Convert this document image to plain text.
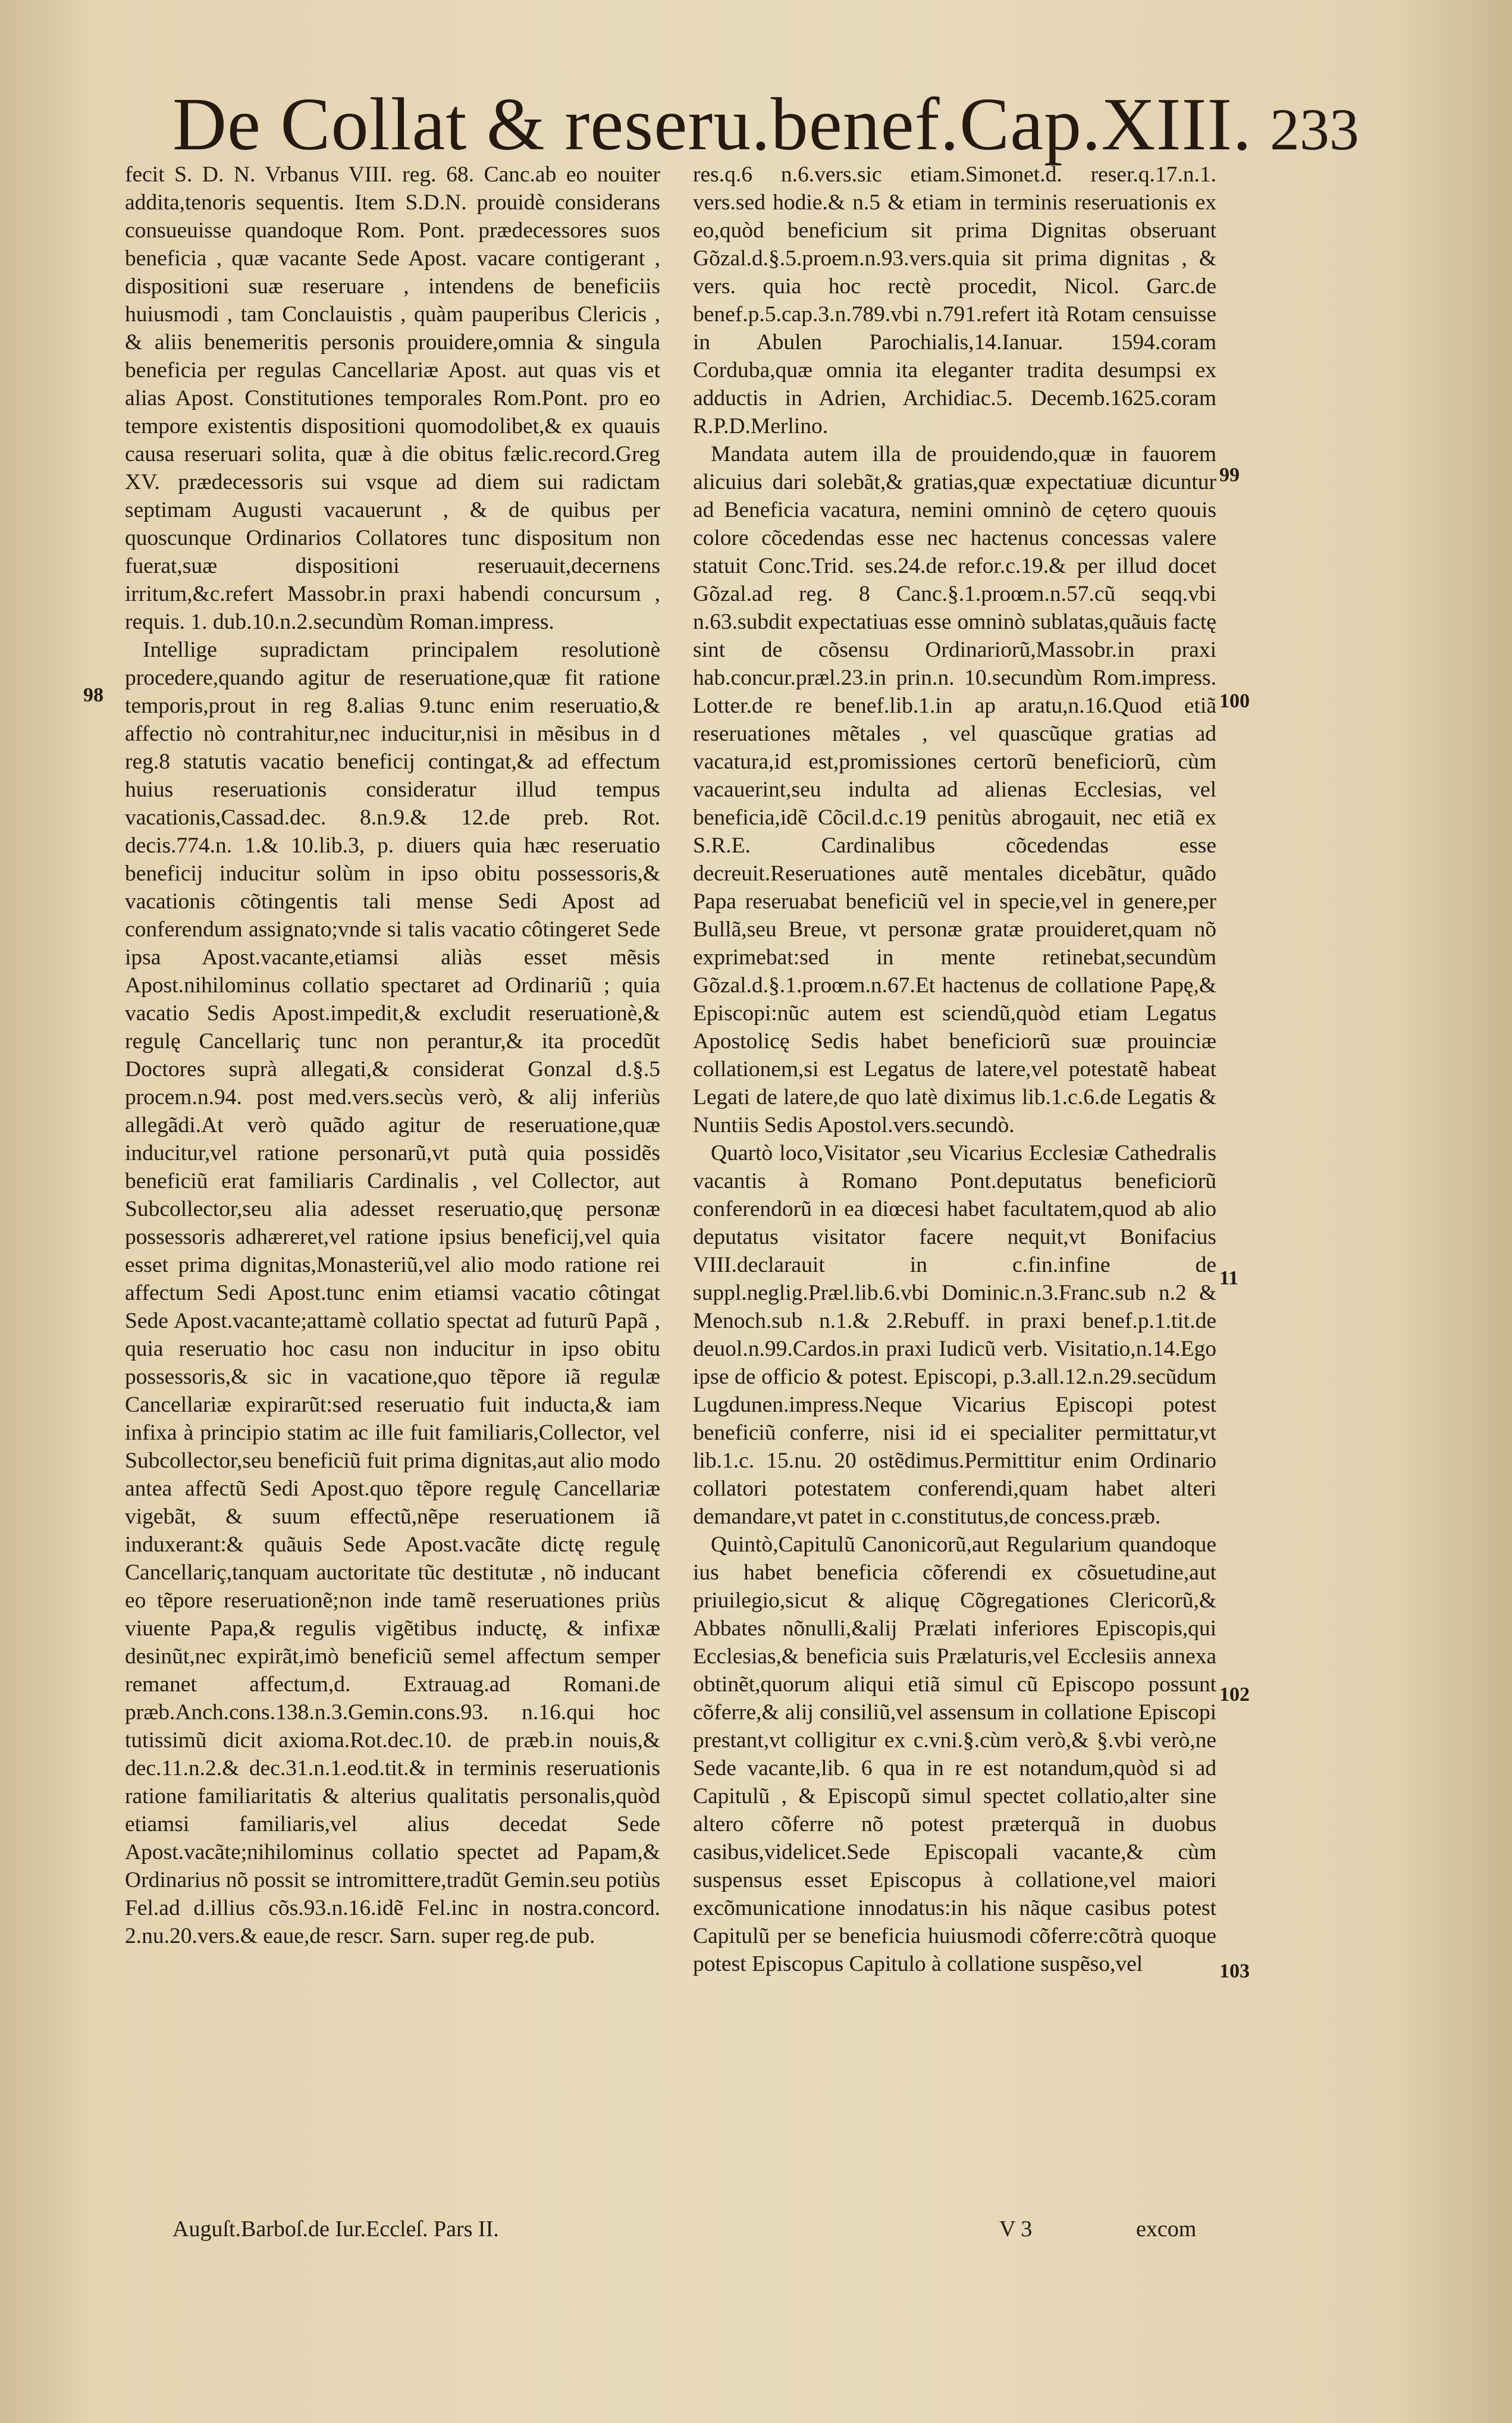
De Collat & reseru.benef.Cap.XIII. 233

fecit S. D. N. Vrbanus VIII. reg. 68. Canc.ab eo nouiter addita,tenoris sequentis. Item S.D.N. prouidè considerans consueuisse quandoque Rom. Pont. prædecessores suos beneficia , quæ vacante Sede Apost. vacare contigerant , dispositioni suæ reseruare , intendens de beneficiis huiusmodi , tam Conclauistis , quàm pauperibus Clericis , & aliis benemeritis personis prouidere,omnia & singula beneficia per regulas Cancellariæ Apost. aut quas vis et alias Apost. Constitutiones temporales Rom.Pont. pro eo tempore existentis dispositioni quomodolibet,& ex quauis causa reseruari solita, quæ à die obitus fælic.record.Greg XV. prædecessoris sui vsque ad diem sui radictam septimam Augusti vacauerunt , & de quibus per quoscunque Ordinarios Collatores tunc dispositum non fuerat,suæ dispositioni reseruauit,decernens irritum,&c.refert Massobr.in praxi habendi concursum , requis. 1. dub.10.n.2.secundùm Roman.impress.

Intellige supradictam principalem resolutionè procedere,quando agitur de reseruatione,quæ fit ratione temporis,prout in reg 8.alias 9.tunc enim reseruatio,& affectio nò contrahitur,nec inducitur,nisi in mẽsibus in d reg.8 statutis vacatio beneficij contingat,& ad effectum huius reseruationis consideratur illud tempus vacationis,Cassad.dec. 8.n.9.& 12.de preb. Rot. decis.774.n. 1.& 10.lib.3, p. diuers quia hæc reseruatio beneficij inducitur solùm in ipso obitu possessoris,& vacationis cõtingentis tali mense Sedi Apost ad conferendum assignato;vnde si talis vacatio côtingeret Sede ipsa Apost.vacante,etiamsi aliàs esset mẽsis Apost.nihilominus collatio spectaret ad Ordinariũ ; quia vacatio Sedis Apost.impedit,& excludit reseruationè,& regulę Cancellariç tunc non perantur,& ita procedũt Doctores suprà allegati,& considerat Gonzal d.§.5 procem.n.94. post med.vers.secùs verò, & alij inferiùs allegãdi.At verò quãdo agitur de reseruatione,quæ inducitur,vel ratione personarũ,vt putà quia possidẽs beneficiũ erat familiaris Cardinalis , vel Collector, aut Subcollector,seu alia adesset reseruatio,quę personæ possessoris adhæreret,vel ratione ipsius beneficij,vel quia esset prima dignitas,Monasteriũ,vel alio modo ratione rei affectum Sedi Apost.tunc enim etiamsi vacatio côtingat Sede Apost.vacante;attamè collatio spectat ad futurũ Papã , quia reseruatio hoc casu non inducitur in ipso obitu possessoris,& sic in vacatione,quo tẽpore iã regulæ Cancellariæ expirarũt:sed reseruatio fuit inducta,& iam infixa à principio statim ac ille fuit familiaris,Collector, vel Subcollector,seu beneficiũ fuit prima dignitas,aut alio modo antea affectũ Sedi Apost.quo tẽpore regulę Cancellariæ vigebãt, & suum effectũ,nẽpe reseruationem iã induxerant:& quãuis Sede Apost.vacãte dictę regulę Cancellariç,tanquam auctoritate tũc destitutæ , nõ inducant eo tẽpore reseruationẽ;non inde tamẽ reseruationes priùs viuente Papa,& regulis vigẽtibus inductę, & infixæ desinũt,nec expirãt,imò beneficiũ semel affectum semper remanet affectum,d. Extrauag.ad Romani.de præb.Anch.cons.138.n.3.Gemin.cons.93. n.16.qui hoc tutissimũ dicit axioma.Rot.dec.10. de præb.in nouis,& dec.11.n.2.& dec.31.n.1.eod.tit.& in terminis reseruationis ratione familiaritatis & alterius qualitatis personalis,quòd etiamsi familiaris,vel alius decedat Sede Apost.vacãte;nihilominus collatio spectet ad Papam,& Ordinarius nõ possit se intromittere,tradũt Gemin.seu potiùs Fel.ad d.illius cõs.93.n.16.idẽ Fel.inc in nostra.concord. 2.nu.20.vers.& eaue,de rescr. Sarn. super reg.de pub.

res.q.6 n.6.vers.sic etiam.Simonet.d. reser.q.17.n.1. vers.sed hodie.& n.5 & etiam in terminis reseruationis ex eo,quòd beneficium sit prima Dignitas obseruant Gõzal.d.§.5.proem.n.93.vers.quia sit prima dignitas , & vers. quia hoc rectè procedit, Nicol. Garc.de benef.p.5.cap.3.n.789.vbi n.791.refert ità Rotam censuisse in Abulen Parochialis,14.Ianuar. 1594.coram Corduba,quæ omnia ita eleganter tradita desumpsi ex adductis in Adrien, Archidiac.5. Decemb.1625.coram R.P.D.Merlino.

Mandata autem illa de prouidendo,quæ in fauorem alicuius dari solebãt,& gratias,quæ expectatiuæ dicuntur ad Beneficia vacatura, nemini omninò de cętero quouis colore cõcedendas esse nec hactenus concessas valere statuit Conc.Trid. ses.24.de refor.c.19.& per illud docet Gõzal.ad reg. 8 Canc.§.1.proœm.n.57.cũ seqq.vbi n.63.subdit expectatiuas esse omninò sublatas,quãuis factę sint de cõsensu Ordinariorũ,Massobr.in praxi hab.concur.præl.23.in prin.n. 10.secundùm Rom.impress. Lotter.de re benef.lib.1.in ap aratu,n.16.Quod etiã reseruationes mẽtales , vel quascũque gratias ad vacatura,id est,promissiones certorũ beneficiorũ, cùm vacauerint,seu indulta ad alienas Ecclesias, vel beneficia,idẽ Cõcil.d.c.19 penitùs abrogauit, nec etiã ex S.R.E. Cardinalibus cõcedendas esse decreuit.Reseruationes autẽ mentales dicebãtur, quãdo Papa reseruabat beneficiũ vel in specie,vel in genere,per Bullã,seu Breue, vt personæ gratæ prouideret,quam nõ exprimebat:sed in mente retinebat,secundùm Gõzal.d.§.1.proœm.n.67.Et hactenus de collatione Papę,& Episcopi:nũc autem est sciendũ,quòd etiam Legatus Apostolicę Sedis habet beneficiorũ suæ prouinciæ collationem,si est Legatus de latere,vel potestatẽ habeat Legati de latere,de quo latè diximus lib.1.c.6.de Legatis & Nuntiis Sedis Apostol.vers.secundò.

Quartò loco,Visitator ,seu Vicarius Ecclesiæ Cathedralis vacantis à Romano Pont.deputatus beneficiorũ conferendorũ in ea diœcesi habet facultatem,quod ab alio deputatus visitator facere nequit,vt Bonifacius VIII.declarauit in c.fin.infine de suppl.neglig.Præl.lib.6.vbi Dominic.n.3.Franc.sub n.2 & Menoch.sub n.1.& 2.Rebuff. in praxi benef.p.1.tit.de deuol.n.99.Cardos.in praxi Iudicũ verb. Visitatio,n.14.Ego ipse de officio & potest. Episcopi, p.3.all.12.n.29.secũdum Lugdunen.impress.Neque Vicarius Episcopi potest beneficiũ conferre, nisi id ei specialiter permittatur,vt lib.1.c. 15.nu. 20 ostẽdimus.Permittitur enim Ordinario collatori potestatem conferendi,quam habet alteri demandare,vt patet in c.constitutus,de concess.præb.

Quintò,Capitulũ Canonicorũ,aut Regularium quandoque ius habet beneficia cõferendi ex cõsuetudine,aut priuilegio,sicut & aliquę Cõgregationes Clericorũ,& Abbates nõnulli,&alij Prælati inferiores Episcopis,qui Ecclesias,& beneficia suis Prælaturis,vel Ecclesiis annexa obtinẽt,quorum aliqui etiã simul cũ Episcopo possunt cõferre,& alij consiliũ,vel assensum in collatione Episcopi prestant,vt colligitur ex c.vni.§.cùm verò,& §.vbi verò,ne Sede vacante,lib. 6 qua in re est notandum,quòd si ad Capitulũ , & Episcopũ simul spectet collatio,alter sine altero cõferre nõ potest præterquã in duobus casibus,videlicet.Sede Episcopali vacante,& cùm suspensus esset Episcopus à collatione,vel maiori excõmunicatione innodatus:in his nãque casibus potest Capitulũ per se beneficia huiusmodi cõferre:cõtrà quoque potest Episcopus Capitulo à collatione suspẽso,vel

98
99
100
11
102
103
Auguſt.Barboſ.de Iur.Eccleſ. Pars II.	V 3	excom
